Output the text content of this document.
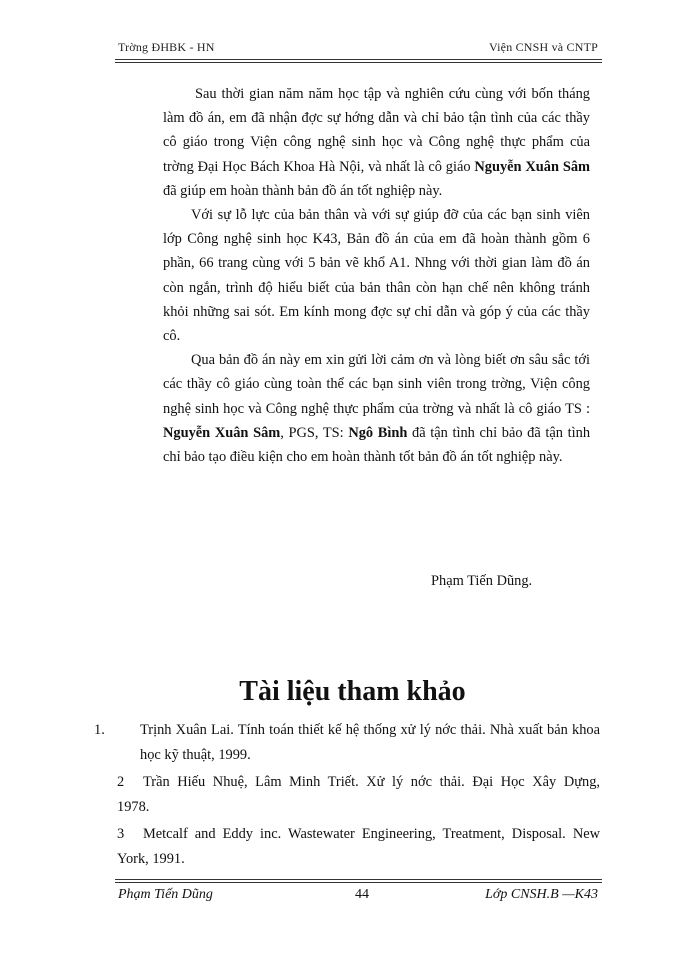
Trờng ĐHBK - HN	Viện CNSH và CNTP

Sau thời gian năm năm học tập và nghiên cứu cùng với bốn tháng làm đồ án, em đã nhận đợc sự hớng dẫn và chỉ bảo tận tình của các thầy cô giáo trong Viện công nghệ sinh học và Công nghệ thực phẩm của trờng Đại Học Bách Khoa Hà Nội, và nhất là cô giáo Nguyễn Xuân Sâm đã giúp em hoàn thành bản đồ án tốt nghiệp này.

Với sự lỗ lực của bản thân và với sự giúp đỡ của các bạn sinh viên lớp Công nghệ sinh học K43, Bản đồ án của em đã hoàn thành gồm 6 phần, 66 trang cùng với 5 bản vẽ khổ A1. Nhng với thời gian làm đồ án còn ngắn, trình độ hiểu biết của bản thân còn hạn chế nên không tránh khỏi những sai sót. Em kính mong đợc sự chỉ dẫn và góp ý của các thầy cô.

Qua bản đồ án này em xin gửi lời cảm ơn và lòng biết ơn sâu sắc tới các thầy cô giáo cùng toàn thể các bạn sinh viên trong trờng, Viện công nghệ sinh học và Công nghệ thực phẩm của trờng và nhất là cô giáo TS : Nguyễn Xuân Sâm, PGS, TS: Ngô Bình đã tận tình chỉ bảo đã tận tình chỉ bảo tạo điều kiện cho em hoàn thành tốt bản đồ án tốt nghiệp này.

Phạm Tiến Dũng.
Tài liệu tham khảo
1. Trịnh Xuân Lai. Tính toán thiết kế hệ thống xử lý nớc thải. Nhà xuất bản khoa học kỹ thuật, 1999.
2 Trần Hiếu Nhuệ, Lâm Minh Triết. Xử lý nớc thải. Đại Học Xây Dựng,                        1978.
3 Metcalf and Eddy inc. Wastewater Engineering, Treatment, Disposal. New York, 1991.
Phạm Tiến Dũng	44	Lớp CNSH.B —K43
